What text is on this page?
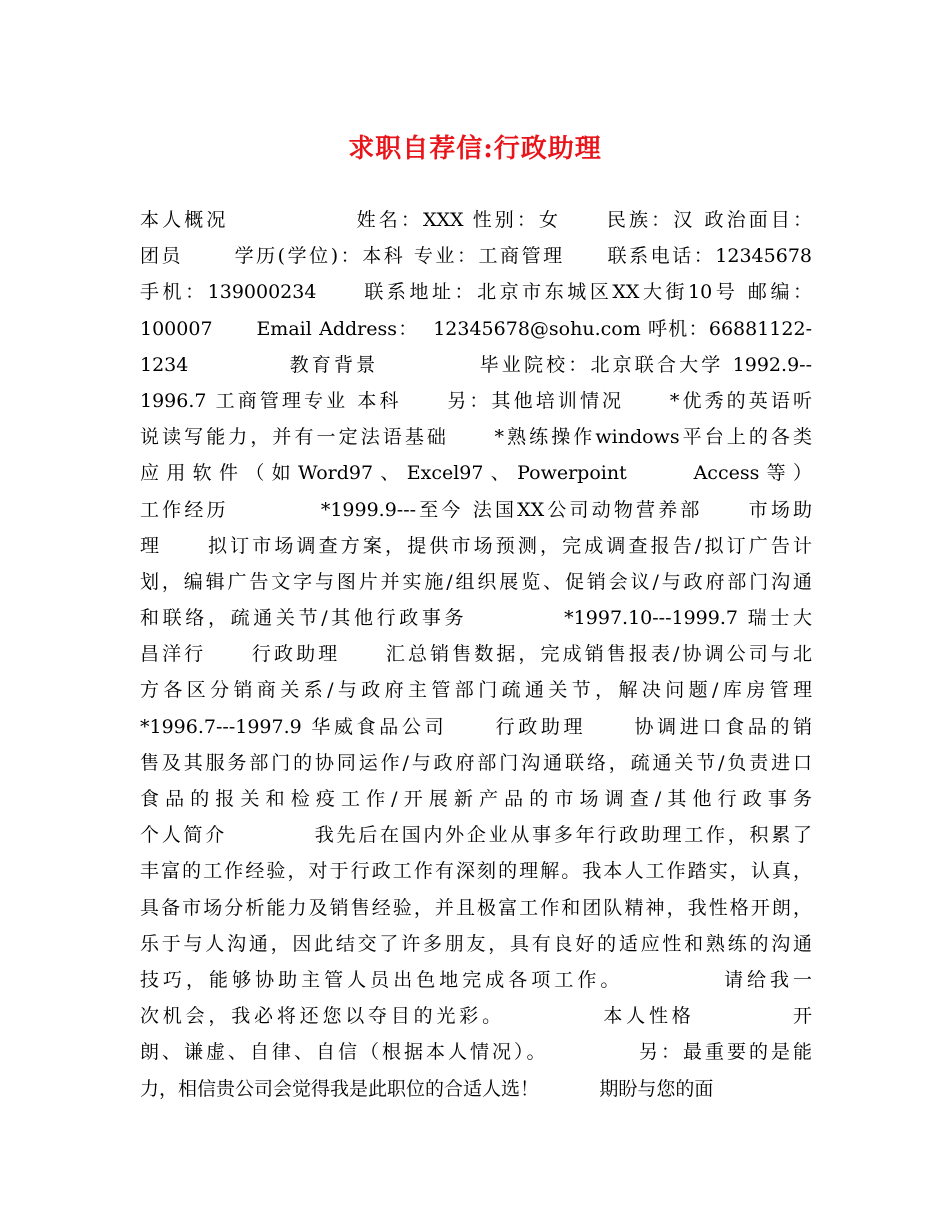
求职自荐信:行政助理
本人概况              姓名：XXX 性别：女     民族：汉 政治面目：
团员      学历(学位)：本科 专业：工商管理     联系电话：12345678
手机：139000234     联系地址：北京市东城区XX大街10号 邮编：
100007      Email Address：  12345678@sohu.com 呼机：66881122-
1234           教育背景           毕业院校：北京联合大学 1992.9--
1996.7 工商管理专业 本科     另：其他培训情况     *优秀的英语听
说读写能力，并有一定法语基础     *熟练操作windows平台上的各类
应用软件（如Word97、Excel97、Powerpoint     Access等）
工作经历          *1999.9---至今 法国XX公司动物营养部     市场助
理     拟订市场调查方案，提供市场预测，完成调查报告/拟订广告计
划，编辑广告文字与图片并实施/组织展览、促销会议/与政府部门沟通
和联络，疏通关节/其他行政事务          *1997.10---1999.7 瑞士大
昌洋行     行政助理     汇总销售数据，完成销售报表/协调公司与北
方各区分销商关系/与政府主管部门疏通关节，解决问题/库房管理
*1996.7---1997.9 华威食品公司     行政助理     协调进口食品的销
售及其服务部门的协同运作/与政府部门沟通联络，疏通关节/负责进口
食品的报关和检疫工作/开展新产品的市场调查/其他行政事务
个人简介          我先后在国内外企业从事多年行政助理工作，积累了
丰富的工作经验，对于行政工作有深刻的理解。我本人工作踏实，认真，
具备市场分析能力及销售经验，并且极富工作和团队精神，我性格开朗，
乐于与人沟通，因此结交了许多朋友，具有良好的适应性和熟练的沟通
技巧，能够协助主管人员出色地完成各项工作。          请给我一
次机会，我必将还您以夺目的光彩。          本人性格          开
朗、谦虚、自律、自信（根据本人情况）。          另：最重要的是能
力，相信贵公司会觉得我是此职位的合适人选！          期盼与您的面
